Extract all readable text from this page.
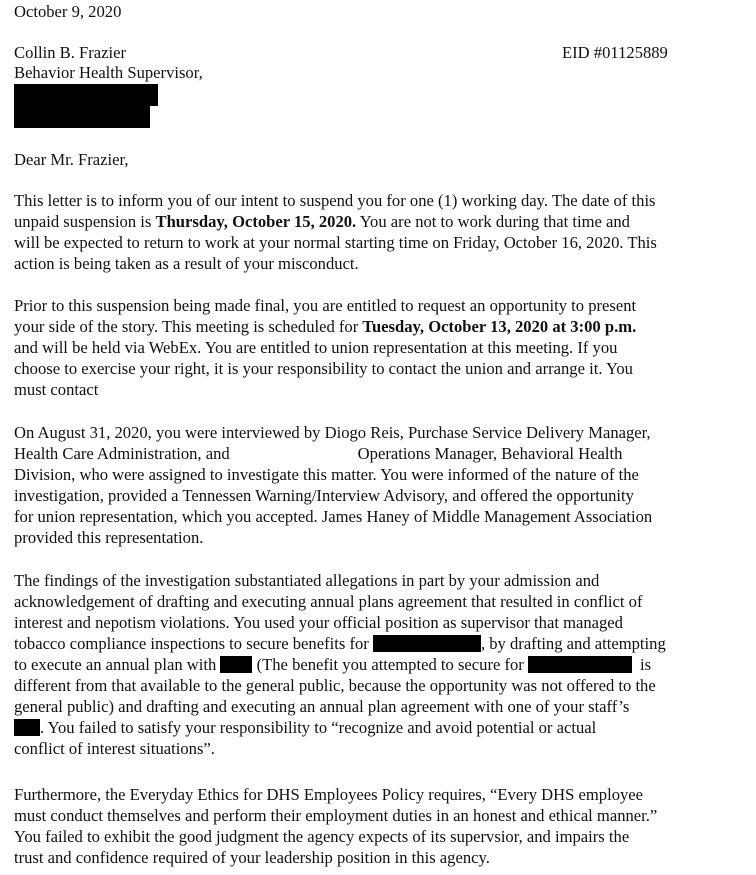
October 9, 2020
Collin B. Frazier	EID #01125889
Behavior Health Supervisor,
Dear Mr. Frazier,
This letter is to inform you of our intent to suspend you for one (1) working day. The date of this
unpaid suspension is Thursday, October 15, 2020. You are not to work during that time and
will be expected to return to work at your normal starting time on Friday, October 16, 2020. This
action is being taken as a result of your misconduct.
Prior to this suspension being made final, you are entitled to request an opportunity to present
your side of the story. This meeting is scheduled for Tuesday, October 13, 2020 at 3:00 p.m.
and will be held via WebEx. You are entitled to union representation at this meeting. If you
choose to exercise your right, it is your responsibility to contact the union and arrange it. You
must contact
On August 31, 2020, you were interviewed by Diogo Reis, Purchase Service Delivery Manager,
Health Care Administration, and	Operations Manager, Behavioral Health
Division, who were assigned to investigate this matter. You were informed of the nature of the
investigation, provided a Tennessen Warning/Interview Advisory, and offered the opportunity
for union representation, which you accepted. James Haney of Middle Management Association
provided this representation.
The findings of the investigation substantiated allegations in part by your admission and
acknowledgement of drafting and executing annual plans agreement that resulted in conflict of
interest and nepotism violations. You used your official position as supervisor that managed
tobacco compliance inspections to secure benefits for	, by drafting and attempting
to execute an annual plan with (The benefit you attempted to secure for	is
different from that available to the general public, because the opportunity was not offered to the
general public) and drafting and executing an annual plan agreement with one of your staff’s
. You failed to satisfy your responsibility to “recognize and avoid potential or actual
conflict of interest situations”.
Furthermore, the Everyday Ethics for DHS Employees Policy requires, “Every DHS employee
must conduct themselves and perform their employment duties in an honest and ethical manner.”
You failed to exhibit the good judgment the agency expects of its supervsior, and impairs the
trust and confidence required of your leadership position in this agency.
